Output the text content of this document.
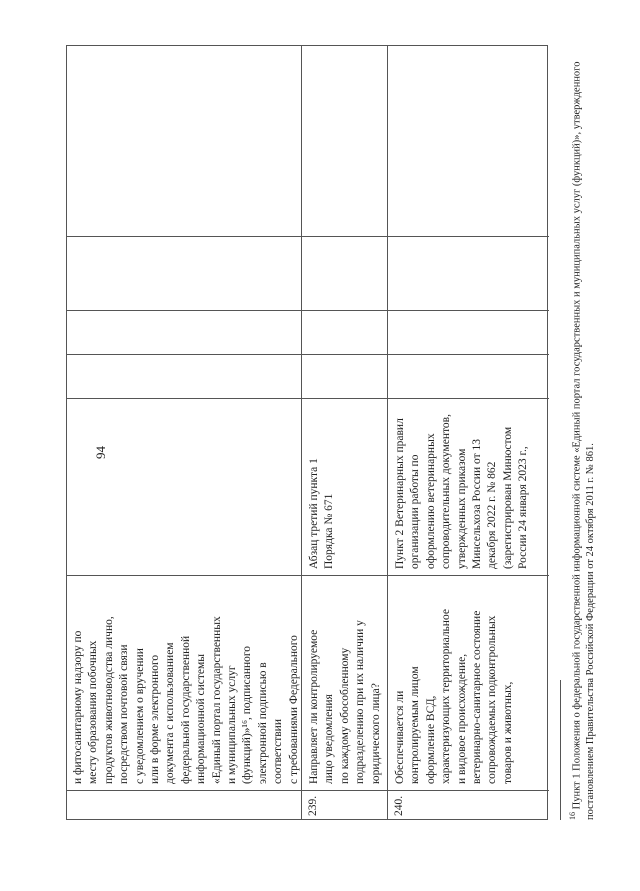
94
и фитосанитарному надзору по
месту образования побочных
продуктов животноводства лично,
посредством почтовой связи
с уведомлением о вручении
или в форме электронного
документа с использованием
федеральной государственной
информационной системы
«Единый портал государственных
и муниципальных услуг
(функций)»¹⁶, подписанного
электронной подписью в
соответствии
с требованиями Федерального

239.
Направляет ли контролируемое
лицо уведомления
по каждому обособленному
подразделению при их наличии у
юридического лица?
Абзац третий пункта 1
Порядка № 671
240.
Обеспечивается ли
контролируемым лицом
оформление ВСД,
характеризующих территориальное
и видовое происхождение,
ветеринарно-санитарное состояние
сопровождаемых подконтрольных
товаров и животных,
Пункт 2 Ветеринарных правил
организации работы по
оформлению ветеринарных
сопроводительных документов,
утвержденных приказом
Минсельхоза России от 13
декабря 2022 г. № 862
(зарегистрирован Минюстом
России 24 января 2023 г.,
$^{16}$ Пункт 1 Положения о федеральной государственной информационной системе «Единый портал государственных и муниципальных услуг (функций)», утвержденного
постановлением Правительства Российской Федерации от 24 октября 2011 г. № 861.
